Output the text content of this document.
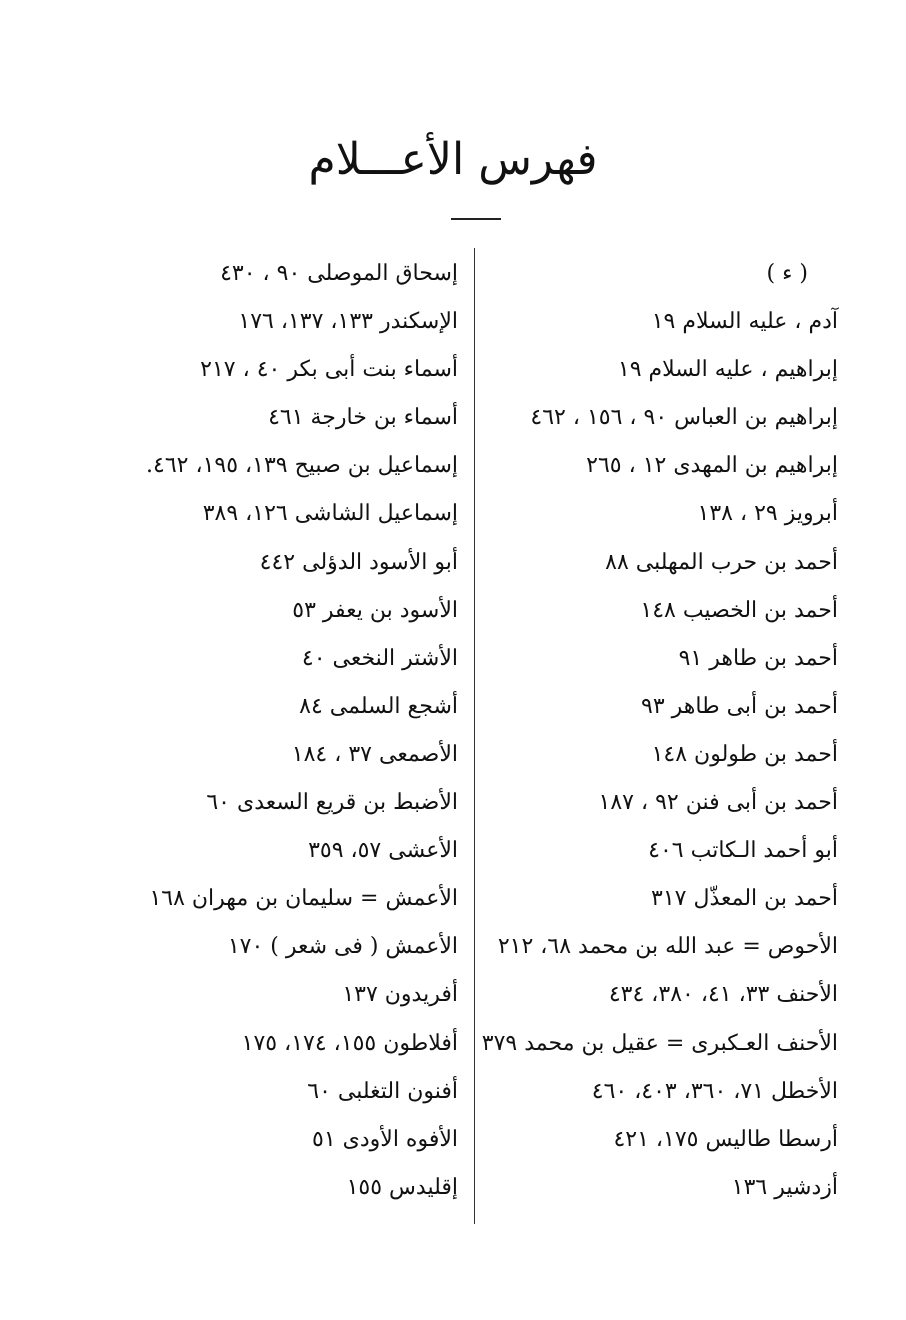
فهرس الأعـــلام
( ء )
آدم ، عليه السلام ١٩
إبراهيم ، عليه السلام ١٩
إبراهيم بن العباس ٩٠ ، ١٥٦ ، ٤٦٢
إبراهيم بن المهدى ١٢ ، ٢٦٥
أبرويز ٢٩ ، ١٣٨
أحمد بن حرب المهلبى ٨٨
أحمد بن الخصيب ١٤٨
أحمد بن طاهر ٩١
أحمد بن أبى طاهر ٩٣
أحمد بن طولون ١٤٨
أحمد بن أبى فنن ٩٢ ، ١٨٧
أبو أحمد الـكاتب ٤٠٦
أحمد بن المعذّل ٣١٧
الأحوص = عبد الله بن محمد ٦٨، ٢١٢
الأحنف ٣٣، ٤١، ٣٨٠، ٤٣٤
الأحنف العـكبرى = عقيل بن محمد ٣٧٩
الأخطل ٧١، ٣٦٠، ٤٠٣، ٤٦٠
أرسطا طاليس ١٧٥، ٤٢١
أزدشير ١٣٦
إسحاق الموصلى ٩٠ ، ٤٣٠
الإسكندر ١٣٣، ١٣٧، ١٧٦
أسماء بنت أبى بكر ٤٠ ، ٢١٧
أسماء بن خارجة ٤٦١
إسماعيل بن صبيح ١٣٩، ١٩٥، ٤٦٢.
إسماعيل الشاشى ١٢٦، ٣٨٩
أبو الأسود الدؤلى ٤٤٢
الأسود بن يعفر ٥٣
الأشتر النخعى ٤٠
أشجع السلمى ٨٤
الأصمعى ٣٧ ، ١٨٤
الأضبط بن قريع السعدى ٦٠
الأعشى ٥٧، ٣٥٩
الأعمش = سليمان بن مهران ١٦٨
الأعمش ( فى شعر ) ١٧٠
أفريدون ١٣٧
أفلاطون ١٥٥، ١٧٤، ١٧٥
أفنون التغلبى ٦٠
الأفوه الأودى ٥١
إقليدس ١٥٥
